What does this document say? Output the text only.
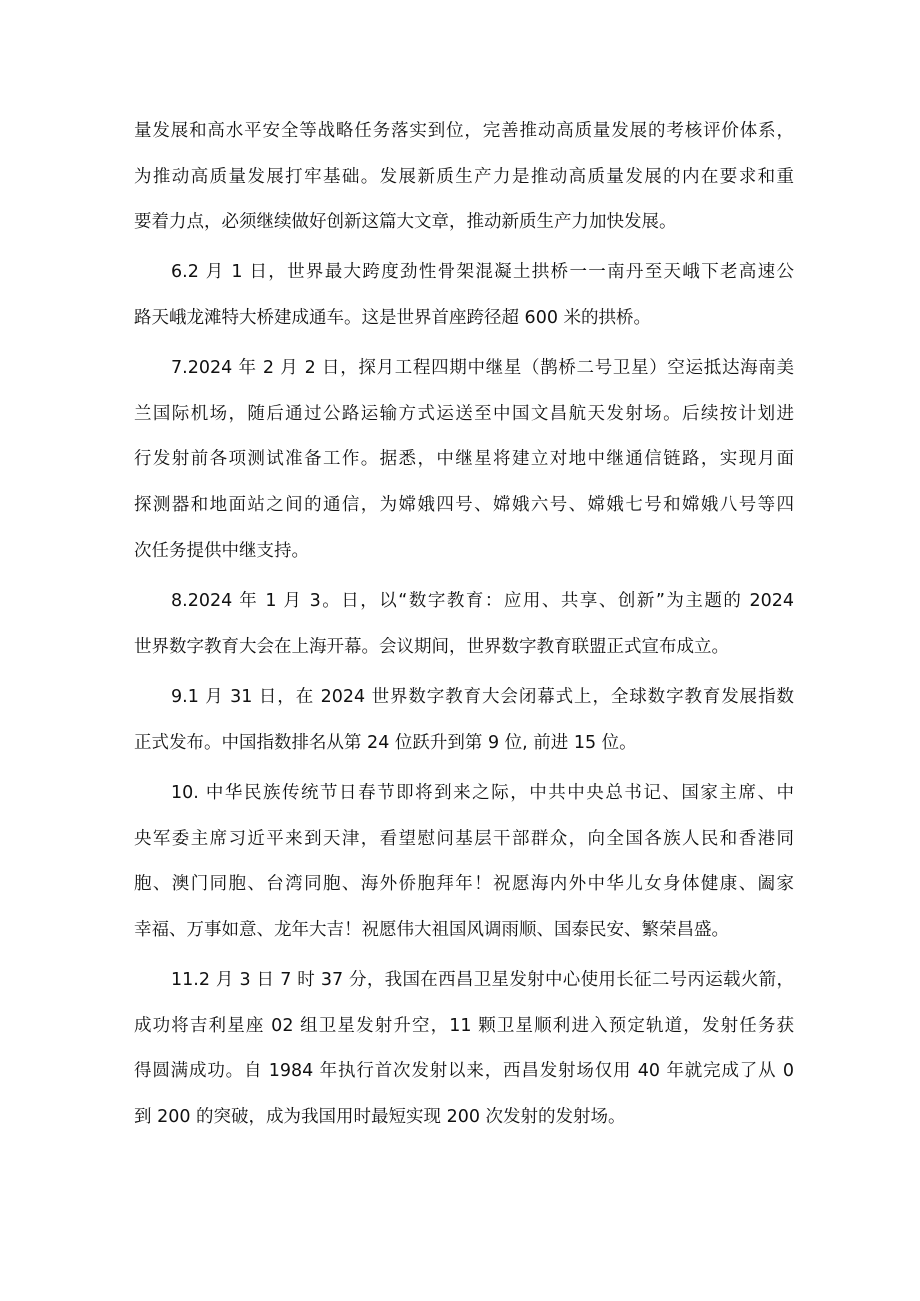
量发展和高水平安全等战略任务落实到位，完善推动高质量发展的考核评价体系，
为推动高质量发展打牢基础。发展新质生产力是推动高质量发展的内在要求和重
要着力点，必须继续做好创新这篇大文章，推动新质生产力加快发展。
6.2 月 1 日，世界最大跨度劲性骨架混凝土拱桥一一南丹至天峨下老高速公
路天峨龙滩特大桥建成通车。这是世界首座跨径超 600 米的拱桥。
7.2024 年 2 月 2 日，探月工程四期中继星（鹊桥二号卫星）空运抵达海南美
兰国际机场，随后通过公路运输方式运送至中国文昌航天发射场。后续按计划进
行发射前各项测试准备工作。据悉，中继星将建立对地中继通信链路，实现月面
探测器和地面站之间的通信，为嫦娥四号、嫦娥六号、嫦娥七号和嫦娥八号等四
次任务提供中继支持。
8.2024 年 1 月 3。日，以“数字教育：应用、共享、创新”为主题的 2024
世界数字教育大会在上海开幕。会议期间，世界数字教育联盟正式宣布成立。
9.1 月 31 日，在 2024 世界数字教育大会闭幕式上，全球数字教育发展指数
正式发布。中国指数排名从第 24 位跃升到第 9 位, 前进 15 位。
10. 中华民族传统节日春节即将到来之际，中共中央总书记、国家主席、中
央军委主席习近平来到天津，看望慰问基层干部群众，向全国各族人民和香港同
胞、澳门同胞、台湾同胞、海外侨胞拜年！祝愿海内外中华儿女身体健康、阖家
幸福、万事如意、龙年大吉！祝愿伟大祖国风调雨顺、国泰民安、繁荣昌盛。
11.2 月 3 日 7 时 37 分，我国在西昌卫星发射中心使用长征二号丙运载火箭，
成功将吉利星座 02 组卫星发射升空，11 颗卫星顺利进入预定轨道，发射任务获
得圆满成功。自 1984 年执行首次发射以来，西昌发射场仅用 40 年就完成了从 0
到 200 的突破，成为我国用时最短实现 200 次发射的发射场。
